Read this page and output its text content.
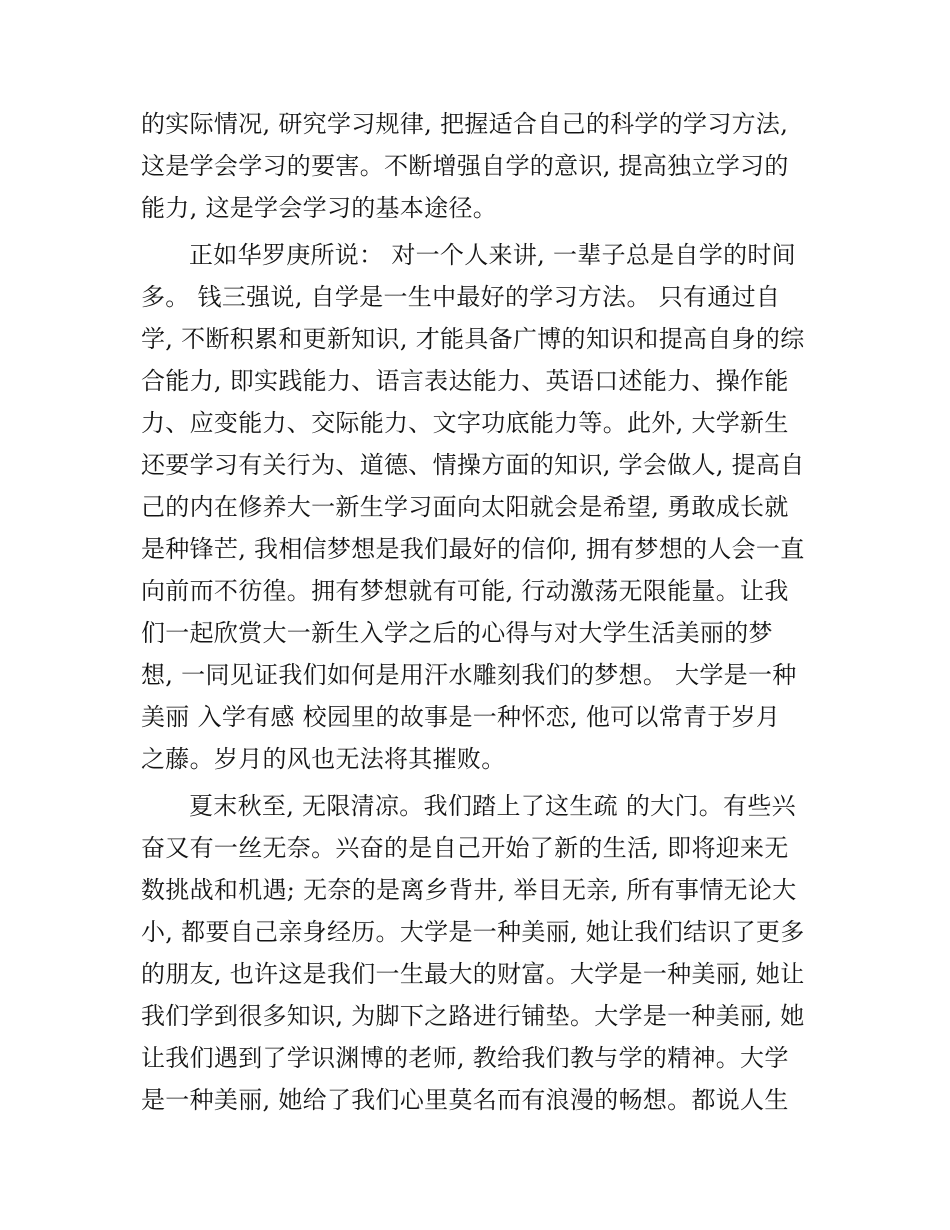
的实际情况, 研究学习规律, 把握适合自己的科学的学习方法,
这是学会学习的要害。不断增强自学的意识, 提高独立学习的
能力, 这是学会学习的基本途径。
正如华罗庚所说： 对一个人来讲, 一辈子总是自学的时间
多。 钱三强说, 自学是一生中最好的学习方法。 只有通过自
学, 不断积累和更新知识, 才能具备广博的知识和提高自身的综
合能力, 即实践能力、语言表达能力、英语口述能力、操作能
力、应变能力、交际能力、文字功底能力等。此外, 大学新生
还要学习有关行为、道德、情操方面的知识, 学会做人, 提高自
己的内在修养大一新生学习面向太阳就会是希望, 勇敢成长就
是种锋芒, 我相信梦想是我们最好的信仰, 拥有梦想的人会一直
向前而不彷徨。拥有梦想就有可能, 行动激荡无限能量。让我
们一起欣赏大一新生入学之后的心得与对大学生活美丽的梦
想, 一同见证我们如何是用汗水雕刻我们的梦想。 大学是一种
美丽 入学有感 校园里的故事是一种怀恋, 他可以常青于岁月
之藤。岁月的风也无法将其摧败。
夏末秋至, 无限清凉。我们踏上了这生疏 的大门。有些兴
奋又有一丝无奈。兴奋的是自己开始了新的生活, 即将迎来无
数挑战和机遇; 无奈的是离乡背井, 举目无亲, 所有事情无论大
小, 都要自己亲身经历。大学是一种美丽, 她让我们结识了更多
的朋友, 也许这是我们一生最大的财富。大学是一种美丽, 她让
我们学到很多知识, 为脚下之路进行铺垫。大学是一种美丽, 她
让我们遇到了学识渊博的老师, 教给我们教与学的精神。大学
是一种美丽, 她给了我们心里莫名而有浪漫的畅想。都说人生
